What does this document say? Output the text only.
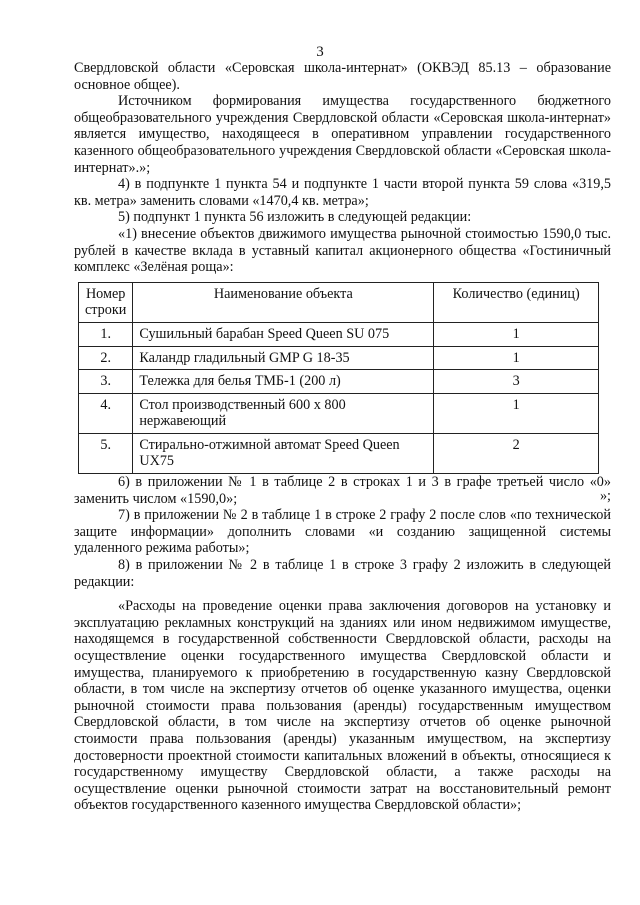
3

Свердловской области «Серовская школа-интернат» (ОКВЭД 85.13 – образование основное общее).

Источником формирования имущества государственного бюджетного общеобразовательного учреждения Свердловской области «Серовская школа-интернат» является имущество, находящееся в оперативном управлении государственного казенного общеобразовательного учреждения Свердловской области «Серовская школа-интернат».»;

4) в подпункте 1 пункта 54 и подпункте 1 части второй пункта 59 слова «319,5 кв. метра» заменить словами «1470,4 кв. метра»;

5) подпункт 1 пункта 56 изложить в следующей редакции:

«1) внесение объектов движимого имущества рыночной стоимостью 1590,0 тыс. рублей в качестве вклада в уставный капитал акционерного общества «Гостиничный комплекс «Зелёная роща»:

Номер строки	Наименование объекта	Количество (единиц)
1.	Сушильный барабан Speed Queen SU 075	1
2.	Каландр гладильный GMP G 18-35	1
3.	Тележка для белья ТМБ-1 (200 л)	3
4.	Стол производственный 600 х 800 нержавеющий	1
5.	Стирально-отжимной автомат Speed Queen UX75	2
»;

6) в приложении № 1 в таблице 2 в строках 1 и 3 в графе третьей число «0» заменить числом «1590,0»;

7) в приложении № 2 в таблице 1 в строке 2 графу 2 после слов «по технической защите информации» дополнить словами «и созданию защищенной системы удаленного режима работы»;

8) в приложении № 2 в таблице 1 в строке 3 графу 2 изложить в следующей редакции:

«Расходы на проведение оценки права заключения договоров на установку и эксплуатацию рекламных конструкций на зданиях или ином недвижимом имуществе, находящемся в государственной собственности Свердловской области, расходы на осуществление оценки государственного имущества Свердловской области и имущества, планируемого к приобретению в государственную казну Свердловской области, в том числе на экспертизу отчетов об оценке указанного имущества, оценки рыночной стоимости права пользования (аренды) государственным имуществом Свердловской области, в том числе на экспертизу отчетов об оценке рыночной стоимости права пользования (аренды) указанным имуществом, на экспертизу достоверности проектной стоимости капитальных вложений в объекты, относящиеся к государственному имуществу Свердловской области, а также расходы на осуществление оценки рыночной стоимости затрат на восстановительный ремонт объектов государственного казенного имущества Свердловской области»;
